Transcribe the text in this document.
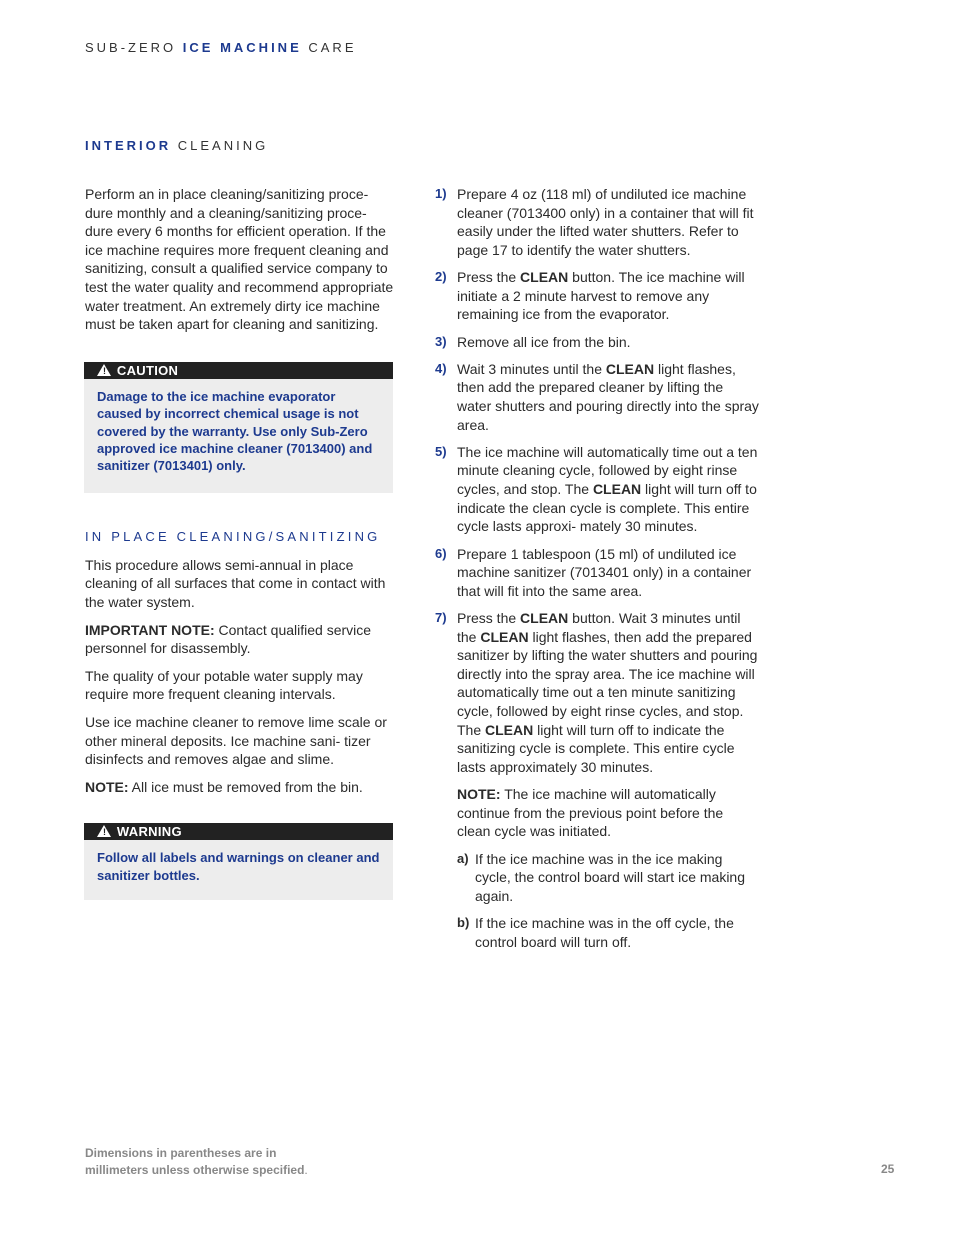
SUB-ZERO ICE MACHINE CARE
INTERIOR CLEANING

Perform an in place cleaning/sanitizing proce- dure monthly and a cleaning/sanitizing proce- dure every 6 months for efficient operation. If the ice machine requires more frequent cleaning and sanitizing, consult a qualified service company to test the water quality and recommend appropriate water treatment. An extremely dirty ice machine must be taken apart for cleaning and sanitizing.

! CAUTION
Damage to the ice machine evaporator caused by incorrect chemical usage is not covered by the warranty. Use only Sub-Zero approved ice machine cleaner (7013400) and sanitizer (7013401) only.
IN PLACE CLEANING/SANITIZING

This procedure allows semi-annual in place cleaning of all surfaces that come in contact with the water system.

IMPORTANT NOTE: Contact qualified service personnel for disassembly.

The quality of your potable water supply may require more frequent cleaning intervals.

Use ice machine cleaner to remove lime scale or other mineral deposits. Ice machine sani- tizer disinfects and removes algae and slime.

NOTE: All ice must be removed from the bin.

! WARNING
Follow all labels and warnings on cleaner and sanitizer bottles.
1) Prepare 4 oz (118 ml) of undiluted ice machine cleaner (7013400 only) in a container that will fit easily under the lifted water shutters. Refer to page 17 to identify the water shutters.

2) Press the CLEAN button. The ice machine will initiate a 2 minute harvest to remove any remaining ice from the evaporator.

3) Remove all ice from the bin.

4) Wait 3 minutes until the CLEAN light flashes, then add the prepared cleaner by lifting the water shutters and pouring directly into the spray area.

5) The ice machine will automatically time out a ten minute cleaning cycle, followed by eight rinse cycles, and stop. The CLEAN light will turn off to indicate the clean cycle is complete. This entire cycle lasts approxi- mately 30 minutes.

6) Prepare 1 tablespoon (15 ml) of undiluted ice machine sanitizer (7013401 only) in a container that will fit into the same area.

7) Press the CLEAN button. Wait 3 minutes until the CLEAN light flashes, then add the prepared sanitizer by lifting the water shutters and pouring directly into the spray area. The ice machine will automatically time out a ten minute sanitizing cycle, followed by eight rinse cycles, and stop. The CLEAN light will turn off to indicate the sanitizing cycle is complete. This entire cycle lasts approximately 30 minutes.

NOTE: The ice machine will automatically continue from the previous point before the clean cycle was initiated.

a) If the ice machine was in the ice making cycle, the control board will start ice making again.

b) If the ice machine was in the off cycle, the control board will turn off.

Dimensions in parentheses are in
millimeters unless otherwise specified.	25
